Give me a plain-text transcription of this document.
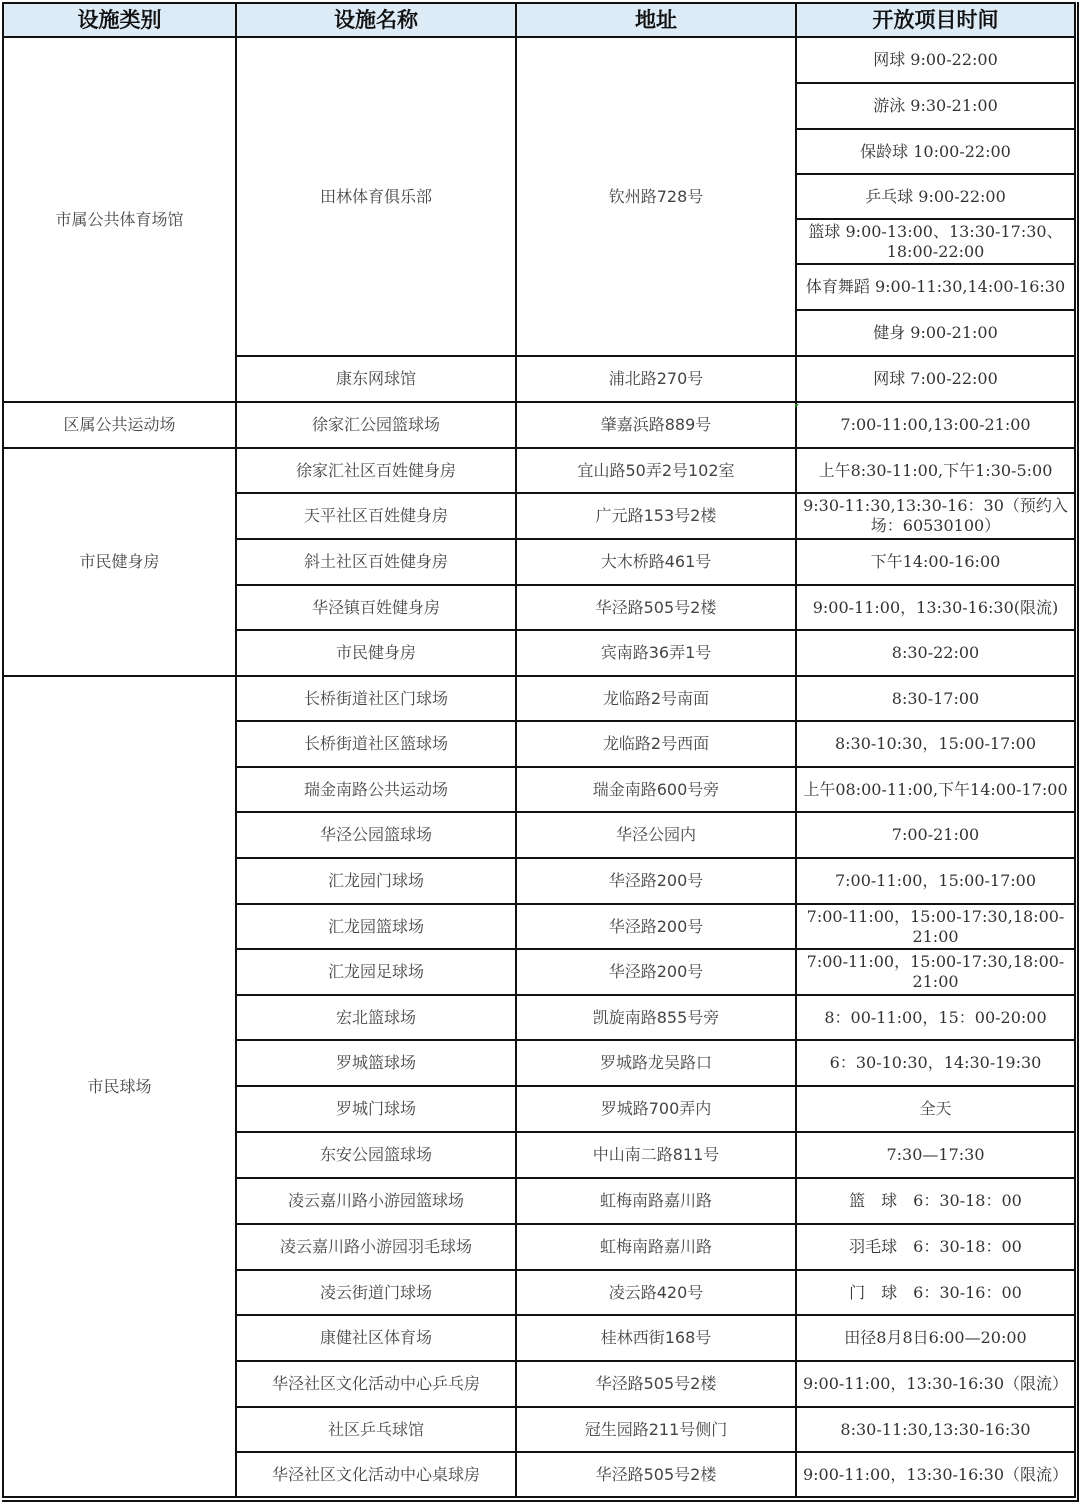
设施类别	设施名称	地址	开放项目时间
市属公共体育场馆	田林体育俱乐部	钦州路728号	网球 9:00-22:00
			游泳 9:30-21:00
			保龄球 10:00-22:00
			乒乓球 9:00-22:00
			篮球 9:00-13:00、13:30-17:30、18:00-22:00
			体育舞蹈 9:00-11:30,14:00-16:30
			健身 9:00-21:00
	康东网球馆	浦北路270号	网球 7:00-22:00
区属公共运动场	徐家汇公园篮球场	肇嘉浜路889号	7:00-11:00,13:00-21:00
市民健身房	徐家汇社区百姓健身房	宜山路50弄2号102室	上午8:30-11:00,下午1:30-5:00
	天平社区百姓健身房	广元路153号2楼	9:30-11:30,13:30-16：30（预约入场：60530100）
	斜土社区百姓健身房	大木桥路461号	下午14:00-16:00
	华泾镇百姓健身房	华泾路505号2楼	9:00-11:00，13:30-16:30(限流)
	市民健身房	宾南路36弄1号	8:30-22:00
市民球场	长桥街道社区门球场	龙临路2号南面	8:30-17:00
	长桥街道社区篮球场	龙临路2号西面	8:30-10:30，15:00-17:00
	瑞金南路公共运动场	瑞金南路600号旁	上午08:00-11:00,下午14:00-17:00
	华泾公园篮球场	华泾公园内	7:00-21:00
	汇龙园门球场	华泾路200号	7:00-11:00，15:00-17:00
	汇龙园篮球场	华泾路200号	7:00-11:00，15:00-17:30,18:00-21:00
	汇龙园足球场	华泾路200号	7:00-11:00，15:00-17:30,18:00-21:00
	宏北篮球场	凯旋南路855号旁	8：00-11:00，15：00-20:00
	罗城篮球场	罗城路龙吴路口	6：30-10:30，14:30-19:30
	罗城门球场	罗城路700弄内	全天
	东安公园篮球场	中山南二路811号	7:30—17:30
	凌云嘉川路小游园篮球场	虹梅南路嘉川路	篮　球　6：30-18：00
	凌云嘉川路小游园羽毛球场	虹梅南路嘉川路	羽毛球　6：30-18：00
	凌云街道门球场	凌云路420号	门　球　6：30-16：00
	康健社区体育场	桂林西街168号	田径8月8日6:00—20:00
	华泾社区文化活动中心乒乓房	华泾路505号2楼	9:00-11:00，13:30-16:30（限流）
	社区乒乓球馆	冠生园路211号侧门	8:30-11:30,13:30-16:30
	华泾社区文化活动中心桌球房	华泾路505号2楼	9:00-11:00，13:30-16:30（限流）
